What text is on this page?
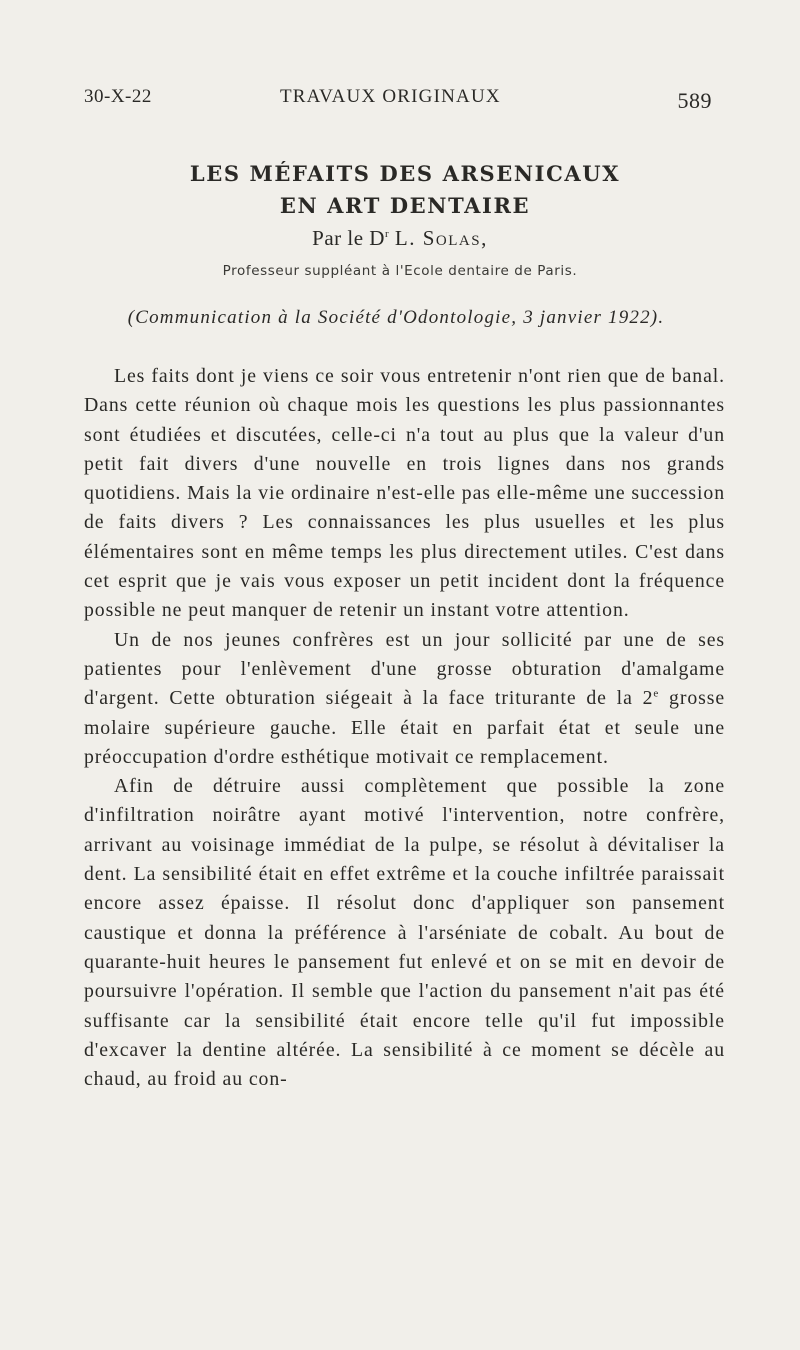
30-X-22	TRAVAUX ORIGINAUX	589
LES MÉFAITS DES ARSENICAUX
EN ART DENTAIRE
Par le $D^r$ L. Solas,
Professeur suppléant à l'Ecole dentaire de Paris.
(Communication à la Société d'Odontologie, 3 janvier 1922).

Les faits dont je viens ce soir vous entretenir n'ont rien que de banal. Dans cette réunion où chaque mois les questions les plus passionnantes sont étudiées et discutées, celle-ci n'a tout au plus que la valeur d'un petit fait divers d'une nouvelle en trois lignes dans nos grands quotidiens. Mais la vie ordinaire n'est-elle pas elle-même une succession de faits divers ? Les connaissances les plus usuelles et les plus élémentaires sont en même temps les plus directement utiles. C'est dans cet esprit que je vais vous exposer un petit incident dont la fréquence possible ne peut manquer de retenir un instant votre attention.

Un de nos jeunes confrères est un jour sollicité par une de ses patientes pour l'enlèvement d'une grosse obturation d'amalgame d'argent. Cette obturation siégeait à la face triturante de la 2e grosse molaire supérieure gauche. Elle était en parfait état et seule une préoccupation d'ordre esthétique motivait ce remplacement.

Afin de détruire aussi complètement que possible la zone d'infiltration noirâtre ayant motivé l'intervention, notre confrère, arrivant au voisinage immédiat de la pulpe, se résolut à dévitaliser la dent. La sensibilité était en effet extrême et la couche infiltrée paraissait encore assez épaisse. Il résolut donc d'appliquer son pansement caustique et donna la préférence à l'arséniate de cobalt. Au bout de quarante-huit heures le pansement fut enlevé et on se mit en devoir de poursuivre l'opération. Il semble que l'action du pansement n'ait pas été suffisante car la sensibilité était encore telle qu'il fut impossible d'excaver la dentine altérée. La sensibilité à ce moment se décèle au chaud, au froid au con-
